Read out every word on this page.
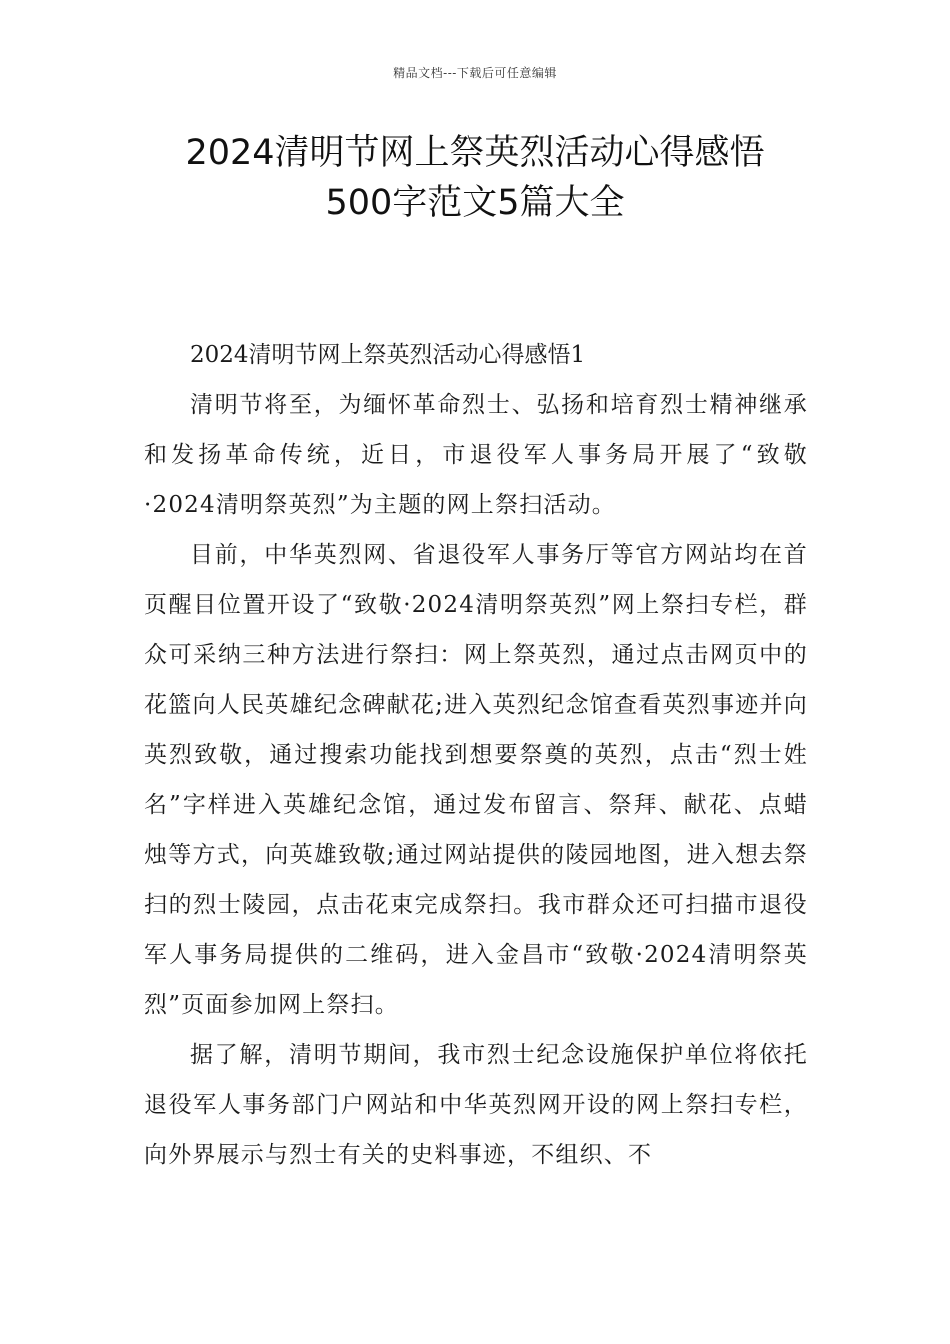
精品文档---下载后可任意编辑
2024清明节网上祭英烈活动心得感悟
500字范文5篇大全

2024清明节网上祭英烈活动心得感悟1

清明节将至，为缅怀革命烈士、弘扬和培育烈士精神继承和发扬革命传统，近日，市退役军人事务局开展了“致敬·2024清明祭英烈”为主题的网上祭扫活动。

目前，中华英烈网、省退役军人事务厅等官方网站均在首页醒目位置开设了“致敬·2024清明祭英烈”网上祭扫专栏，群众可采纳三种方法进行祭扫：网上祭英烈，通过点击网页中的花篮向人民英雄纪念碑献花;进入英烈纪念馆查看英烈事迹并向英烈致敬，通过搜索功能找到想要祭奠的英烈，点击“烈士姓名”字样进入英雄纪念馆，通过发布留言、祭拜、献花、点蜡烛等方式，向英雄致敬;通过网站提供的陵园地图，进入想去祭扫的烈士陵园，点击花束完成祭扫。我市群众还可扫描市退役军人事务局提供的二维码，进入金昌市“致敬·2024清明祭英烈”页面参加网上祭扫。

据了解，清明节期间，我市烈士纪念设施保护单位将依托退役军人事务部门户网站和中华英烈网开设的网上祭扫专栏，向外界展示与烈士有关的史料事迹，不组织、不
